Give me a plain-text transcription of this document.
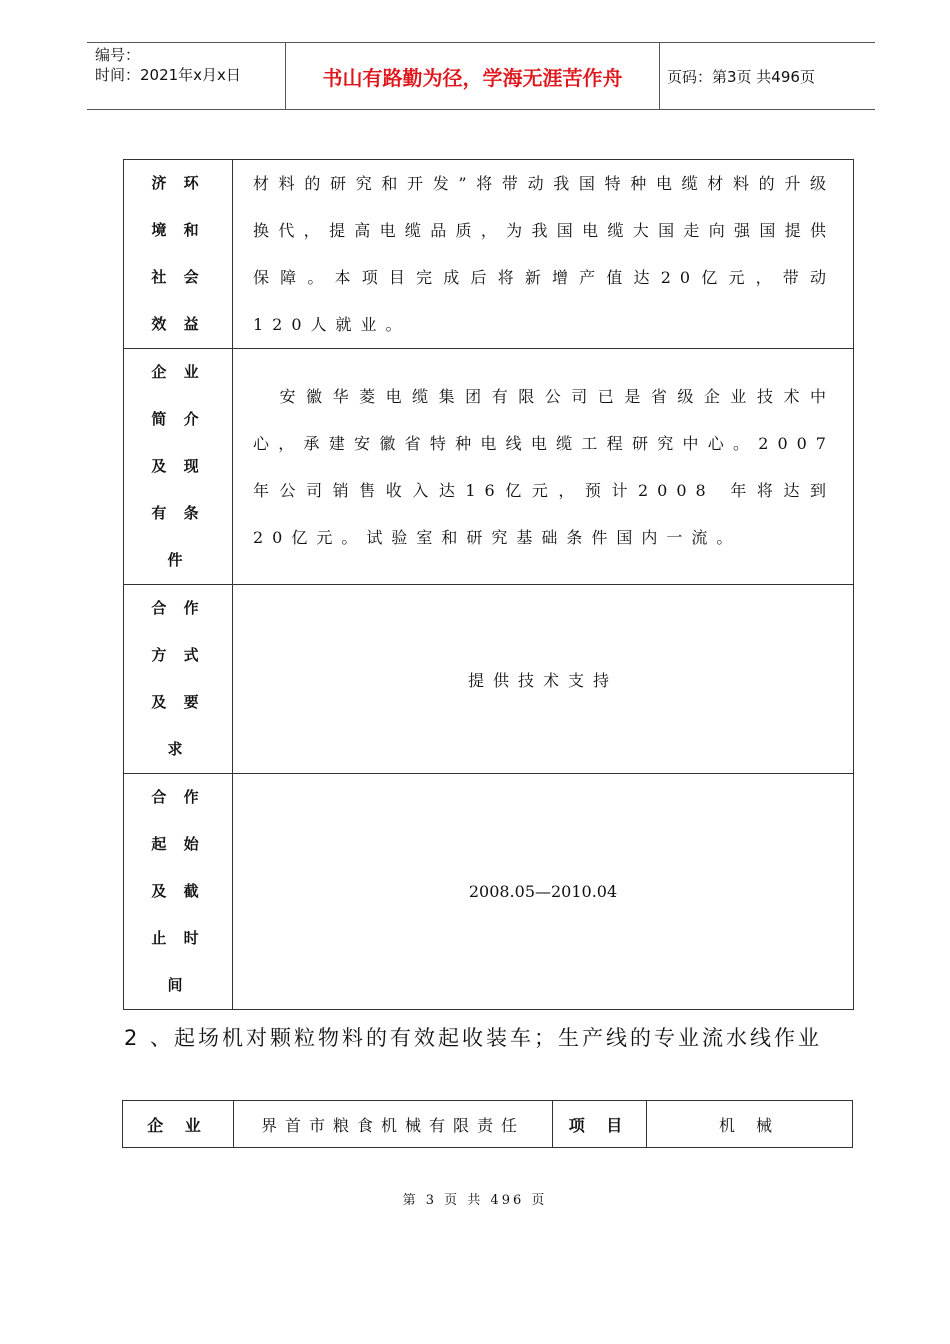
编号：
时间：2021年x月x日	书山有路勤为径，学海无涯苦作舟	页码：第3页 共496页
济 环
境 和
社 会
效 益	材料的研究和开发”将带动我国特种电缆材料的升级换代，提高电缆品质，为我国电缆大国走向强国提供保障。本项目完成后将新增产值达20亿元，带动120人就业。

企 业
简 介
及 现
有 条
件	　安徽华菱电缆集团有限公司已是省级企业技术中心，承建安徽省特种电线电缆工程研究中心。2007 年公司销售收入达16亿元，预计2008 年将达到20亿元。试验室和研究基础条件国内一流。

合 作
方 式
及 要
求	提供技术支持

合 作
起 始
及 截
止 时
间	2008.05—2010.04
2 、起场机对颗粒物料的有效起收装车；生产线的专业流水线作业
企 业	界首市粮食机械有限责任	项 目	机 械
第 3 页 共 496 页
